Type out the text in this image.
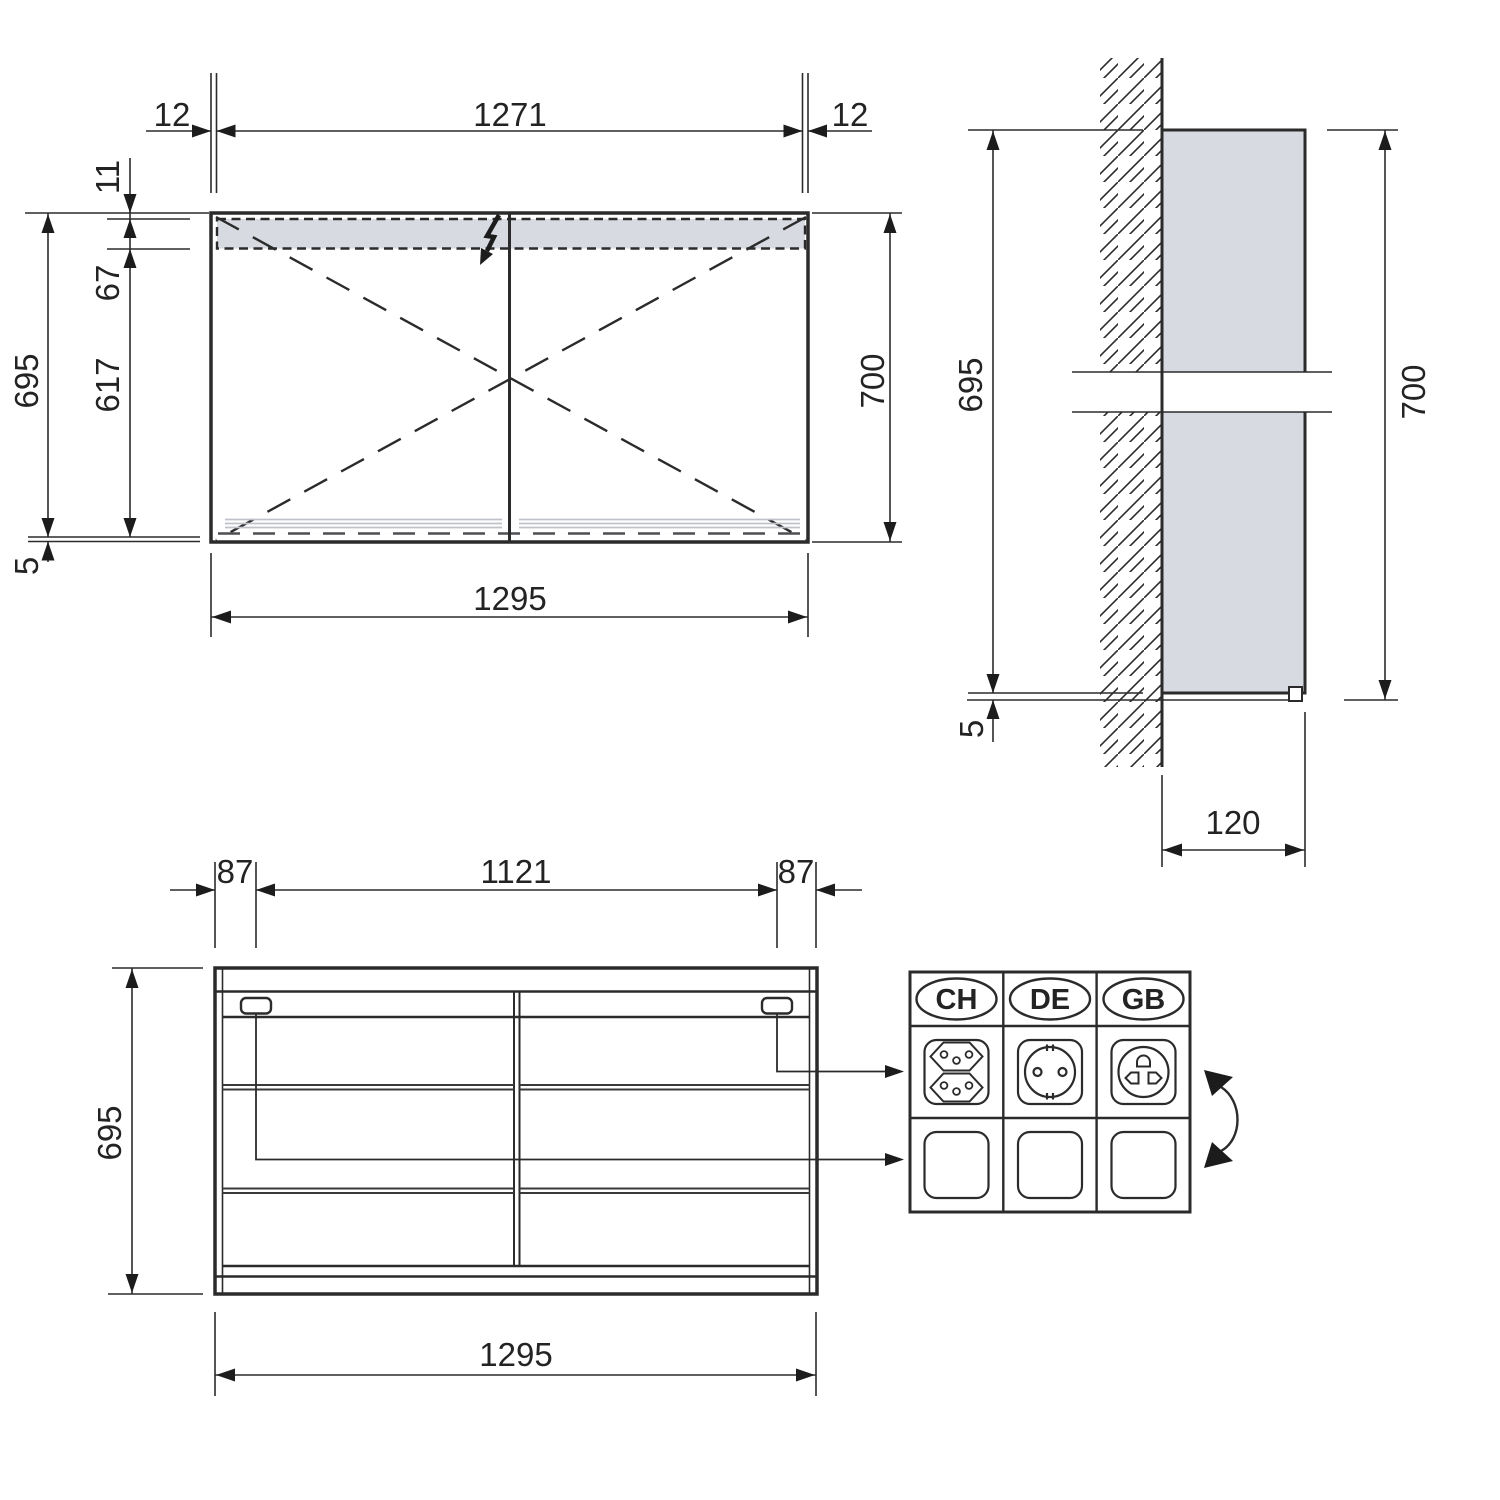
12	1271	12
11
67
617
695
5
700
1295
695
5
700
120
87	1121	87
695
1295
CH DE GB
